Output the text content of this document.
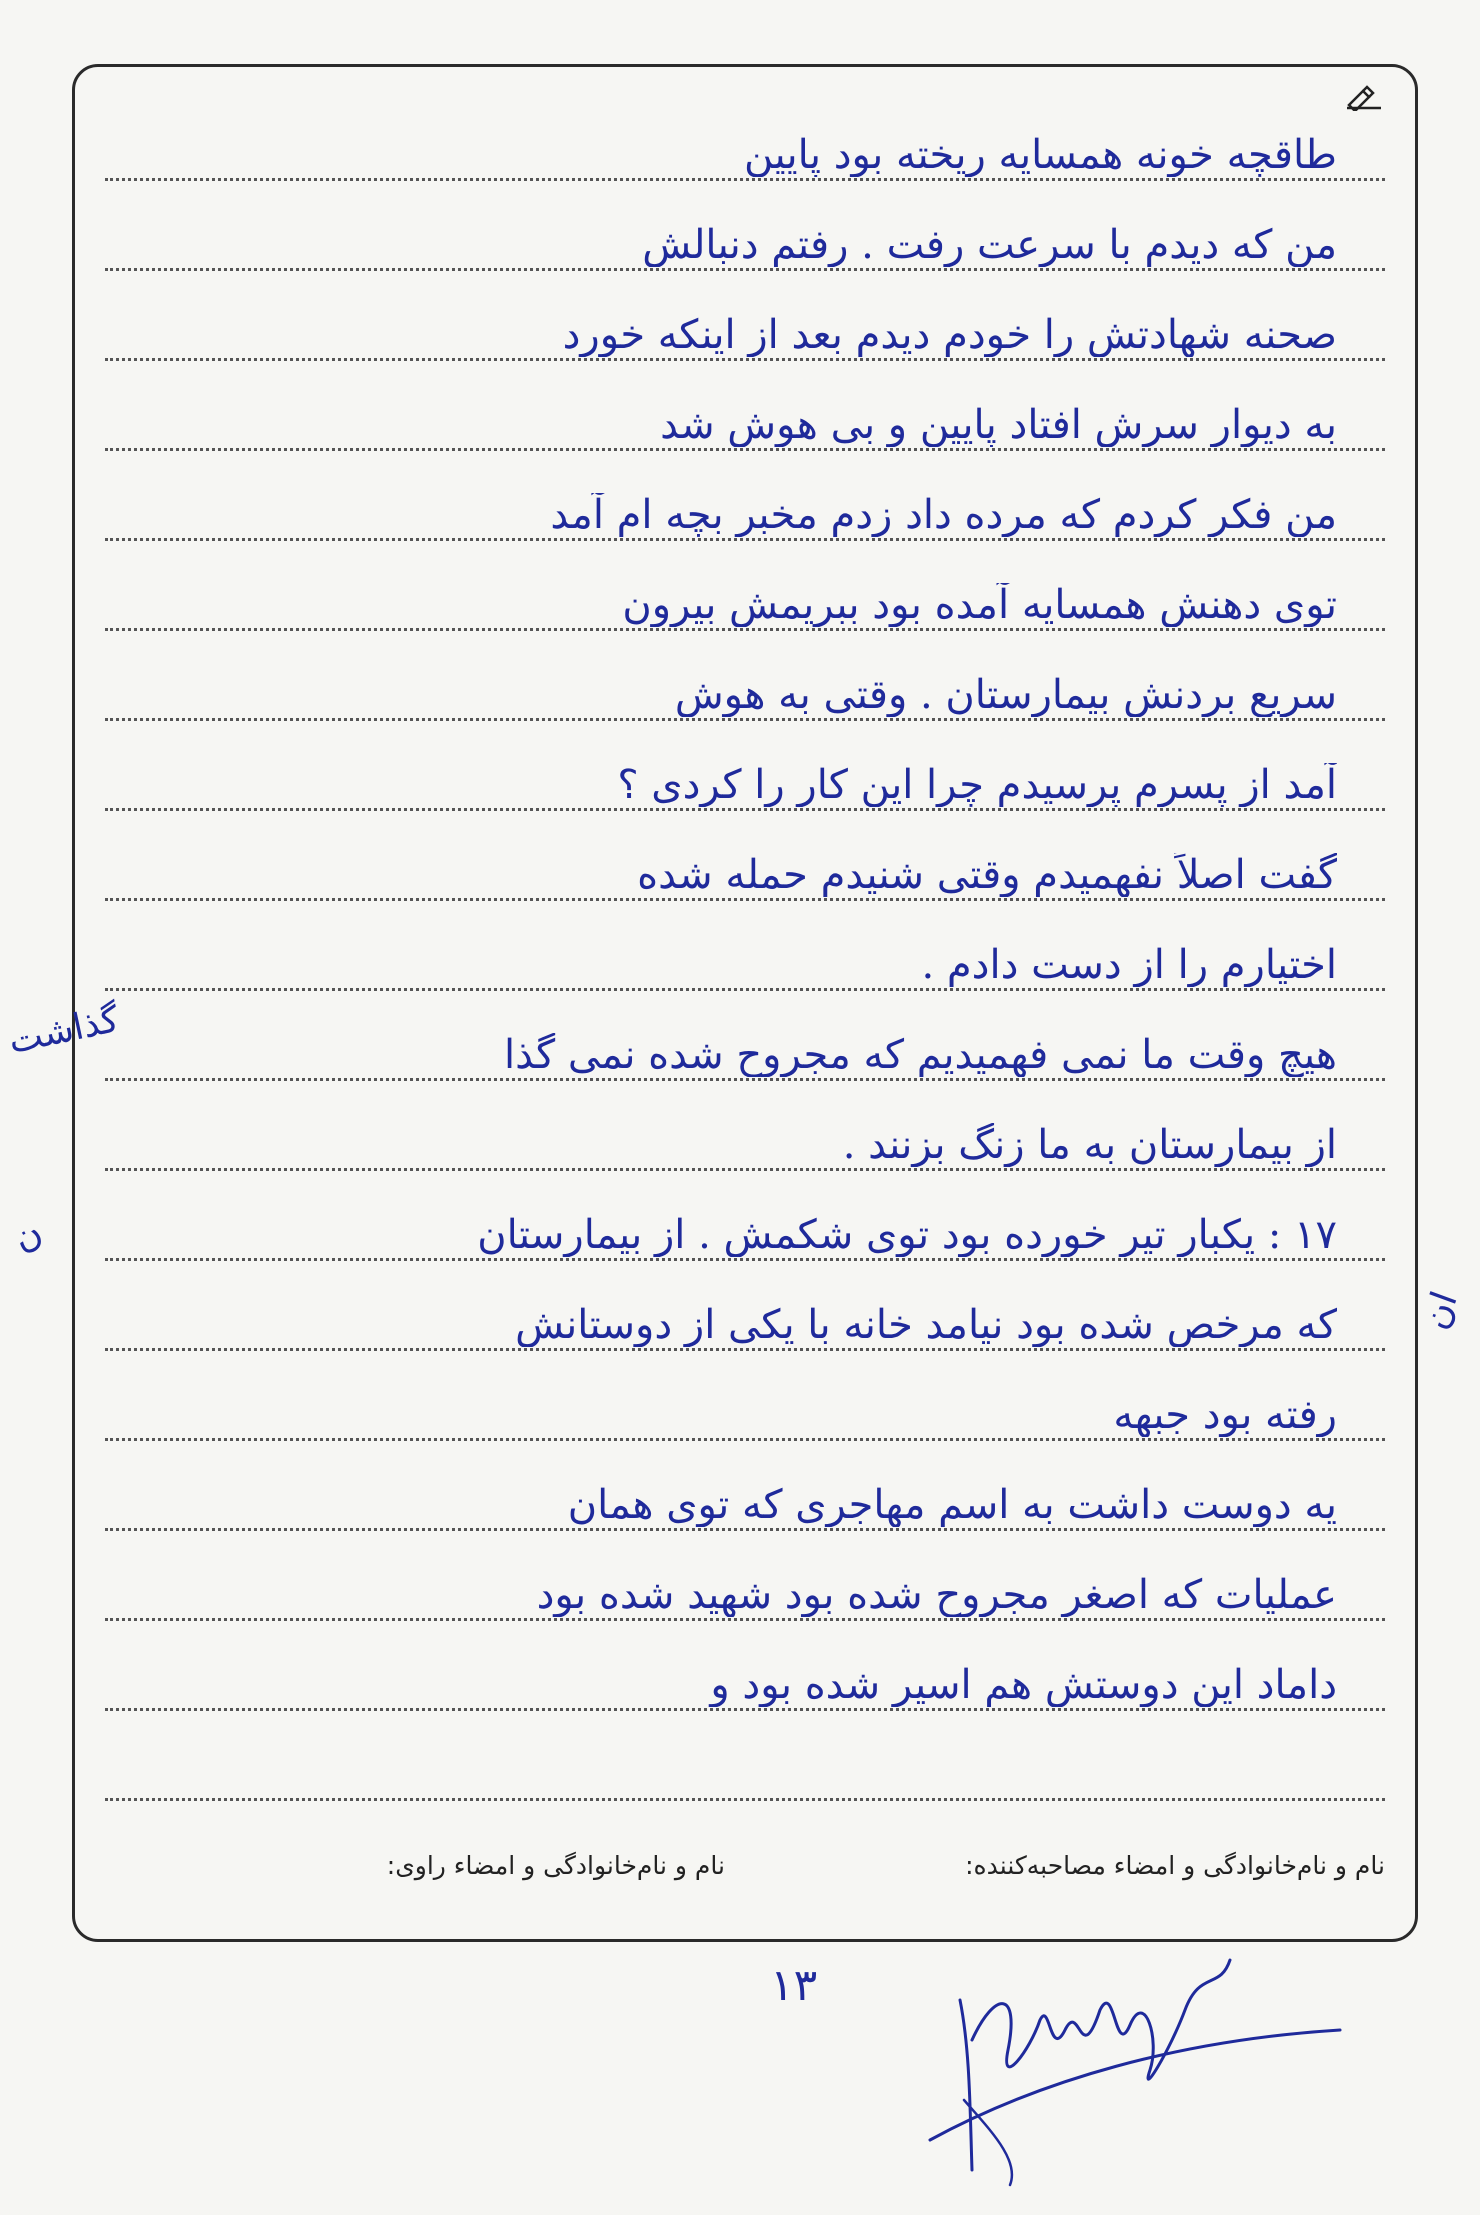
طاقچه خونه همسایه ریخته بود پایین
من که دیدم با سرعت رفت . رفتم دنبالش
صحنه شهادتش را خودم دیدم بعد از اینکه خورد
به دیوار سرش افتاد پایین و بی هوش شد
من فکر کردم که مرده داد زدم مخبر بچه ام آمد
توی دهنش همسایه آمده بود ببریمش بیرون
سریع بردنش بیمارستان . وقتی به هوش
آمد از پسرم پرسیدم چرا این کار را کردی ؟
گفت اصلاً نفهمیدم وقتی شنیدم حمله شده
اختیارم را از دست دادم .
هیچ وقت ما نمی فهمیدیم که مجروح شده نمی گذا
از بیمارستان به ما زنگ بزنند .
۱۷ : یکبار تیر خورده بود توی شکمش . از بیمارستان
که مرخص شده بود نیامد خانه با یکی از دوستانش
رفته بود جبهه
یه دوست داشت به اسم مهاجری که توی همان
عملیات که اصغر مجروح شده بود شهید شده بود
داماد این دوستش هم اسیر شده بود و
نام و نام‌خانوادگی و امضاء مصاحبه‌کننده:
نام و نام‌خانوادگی و امضاء راوی:
گذاشت
ن
ان
۱۳
